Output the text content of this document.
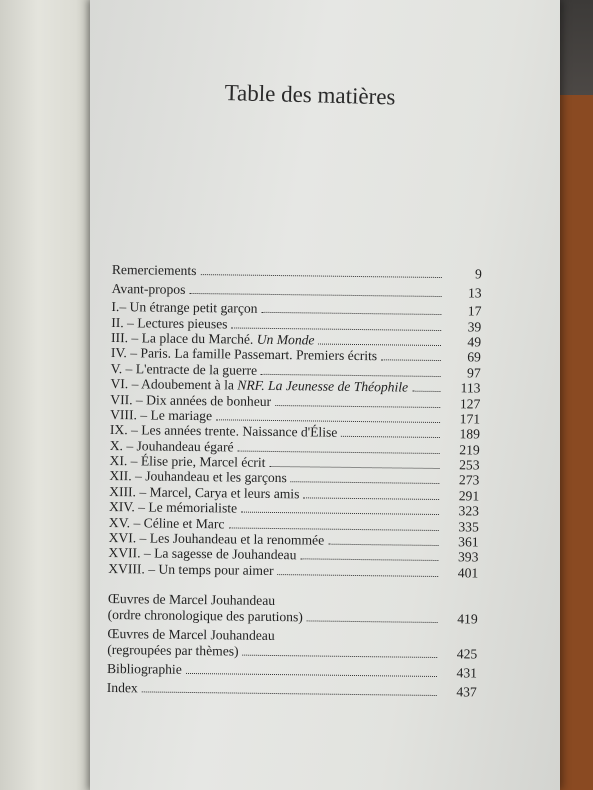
Table des matières
Remerciements	9
Avant-propos	13
I.– Un étrange petit garçon	17
II. – Lectures pieuses	39
III. – La place du Marché. Un Monde	49
IV. – Paris. La famille Passemart. Premiers écrits	69
V. – L'entracte de la guerre	97
VI. – Adoubement à la NRF. La Jeunesse de Théophile	113
VII. – Dix années de bonheur	127
VIII. – Le mariage	171
IX. – Les années trente. Naissance d'Élise	189
X. – Jouhandeau égaré	219
XI. – Élise prie, Marcel écrit	253
XII. – Jouhandeau et les garçons	273
XIII. – Marcel, Carya et leurs amis	291
XIV. – Le mémorialiste	323
XV. – Céline et Marc	335
XVI. – Les Jouhandeau et la renommée	361
XVII. – La sagesse de Jouhandeau	393
XVIII. – Un temps pour aimer	401
Œuvres de Marcel Jouhandeau
(ordre chronologique des parutions)	419
Œuvres de Marcel Jouhandeau
(regroupées par thèmes)	425
Bibliographie	431
Index	437
